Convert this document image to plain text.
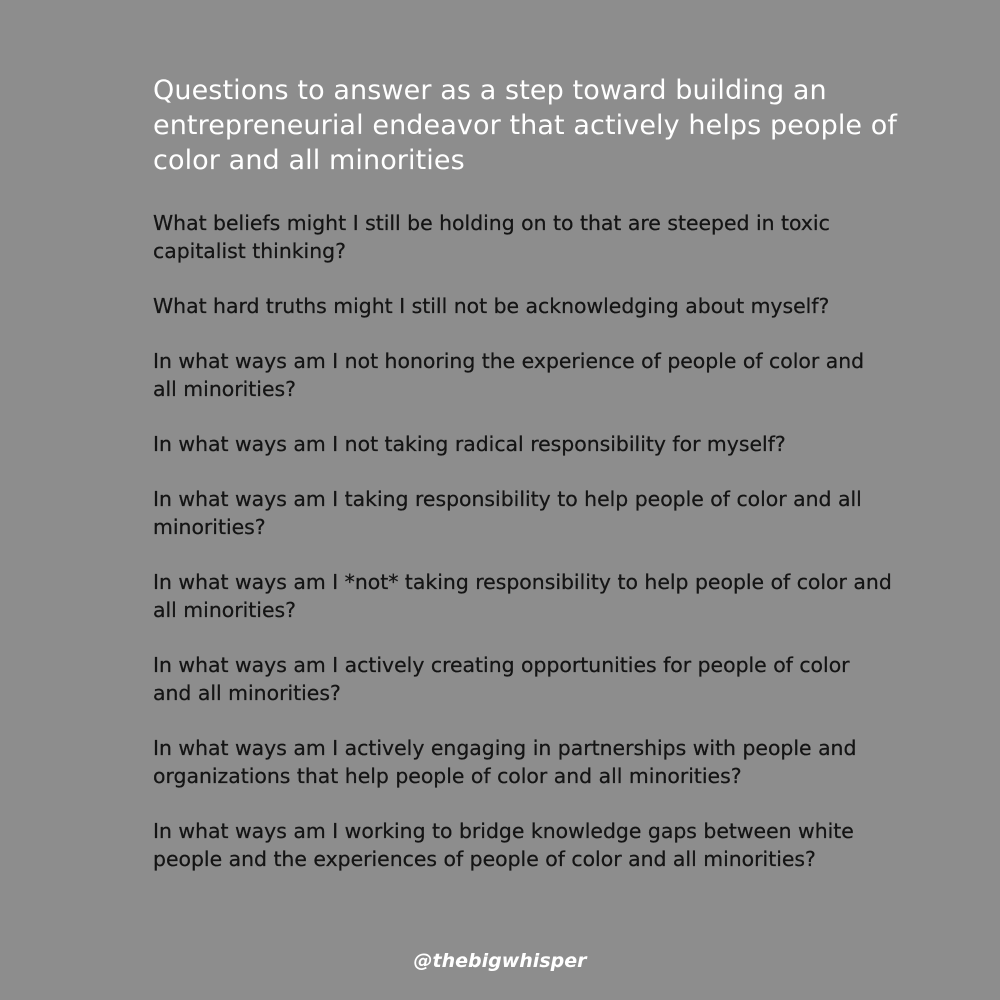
Questions to answer as a step toward building an entrepreneurial endeavor that actively helps people of color and all minorities
What beliefs might I still be holding on to that are steeped in toxic capitalist thinking?
What hard truths might I still not be acknowledging about myself?
In what ways am I not honoring the experience of people of color and all minorities?
In what ways am I not taking radical responsibility for myself?
In what ways am I taking responsibility to help people of color and all minorities?
In what ways am I *not* taking responsibility to help people of color and all minorities?
In what ways am I actively creating opportunities for people of color and all minorities?
In what ways am I actively engaging in partnerships with people and organizations that help people of color and all minorities?
In what ways am I working to bridge knowledge gaps between white people and the experiences of people of color and all minorities?

@thebigwhisper
